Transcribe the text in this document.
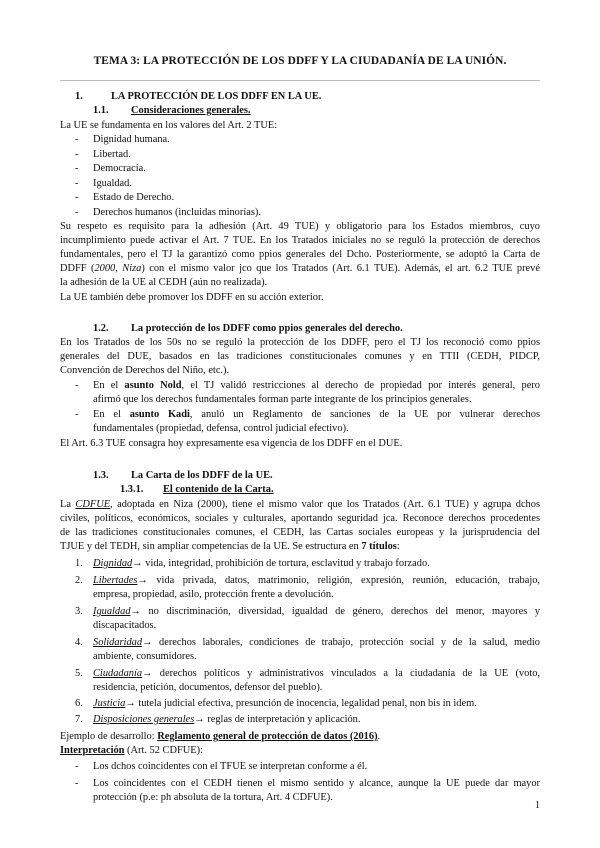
TEMA 3: LA PROTECCIÓN DE LOS DDFF Y LA CIUDADANÍA DE LA UNIÓN.
1.	LA PROTECCIÓN DE LOS DDFF EN LA UE.
1.1. Consideraciones generales.
La UE se fundamenta en los valores del Art. 2 TUE:
- Dignidad humana.
- Libertad.
- Democracia.
- Igualdad.
- Estado de Derecho.
- Derechos humanos (incluidas minorías).
Su respeto es requisito para la adhesión (Art. 49 TUE) y obligatorio para los Estados miembros, cuyo
incumplimiento puede activar el Art. 7 TUE. En los Tratados iniciales no se reguló la protección de derechos
fundamentales, pero el TJ la garantizó como ppios generales del Dcho. Posteriormente, se adoptó la Carta de
DDFF (2000, Niza) con el mismo valor jco que los Tratados (Art. 6.1 TUE). Además, el art. 6.2 TUE prevé
la adhesión de la UE al CEDH (aún no realizada).
La UE también debe promover los DDFF en su acción exterior.
1.2. La protección de los DDFF como ppios generales del derecho.
En los Tratados de los 50s no se reguló la protección de los DDFF, pero el TJ los reconoció como ppios
generales del DUE, basados en las tradiciones constitucionales comunes y en TTII (CEDH, PIDCP,
Convención de Derechos del Niño, etc.).
- En el asunto Nold, el TJ validó restricciones al derecho de propiedad por interés general, pero
afirmó que los derechos fundamentales forman parte integrante de los principios generales.
- En el asunto Kadi, anuló un Reglamento de sanciones de la UE por vulnerar derechos
fundamentales (propiedad, defensa, control judicial efectivo).
El Art. 6.3 TUE consagra hoy expresamente esa vigencia de los DDFF en el DUE.
1.3. La Carta de los DDFF de la UE.
1.3.1. El contenido de la Carta.
La CDFUE, adoptada en Niza (2000), tiene el mismo valor que los Tratados (Art. 6.1 TUE) y agrupa dchos
civiles, políticos, económicos, sociales y culturales, aportando seguridad jca. Reconoce derechos procedentes
de las tradiciones constitucionales comunes, el CEDH, las Cartas sociales europeas y la jurisprudencia del
TJUE y del TEDH, sin ampliar competencias de la UE. Se estructura en 7 títulos:
1. Dignidad→ vida, integridad, prohibición de tortura, esclavitud y trabajo forzado.
2. Libertades→ vida privada, datos, matrimonio, religión, expresión, reunión, educación, trabajo,
empresa, propiedad, asilo, protección frente a devolución.
3. Igualdad→ no discriminación, diversidad, igualdad de género, derechos del menor, mayores y
discapacitados.
4. Solidaridad→ derechos laborales, condiciones de trabajo, protección social y de la salud, medio
ambiente, consumidores.
5. Ciudadanía→ derechos políticos y administrativos vinculados a la ciudadanía de la UE (voto,
residencia, petición, documentos, defensor del pueblo).
6. Justicia→ tutela judicial efectiva, presunción de inocencia, legalidad penal, non bis in idem.
7. Disposiciones generales→ reglas de interpretación y aplicación.
Ejemplo de desarrollo: Reglamento general de protección de datos (2016).
Interpretación (Art. 52 CDFUE):
- Los dchos coincidentes con el TFUE se interpretan conforme a él.
- Los coincidentes con el CEDH tienen el mismo sentido y alcance, aunque la UE puede dar mayor
protección (p.e: ph absoluta de la tortura, Art. 4 CDFUE).
1
